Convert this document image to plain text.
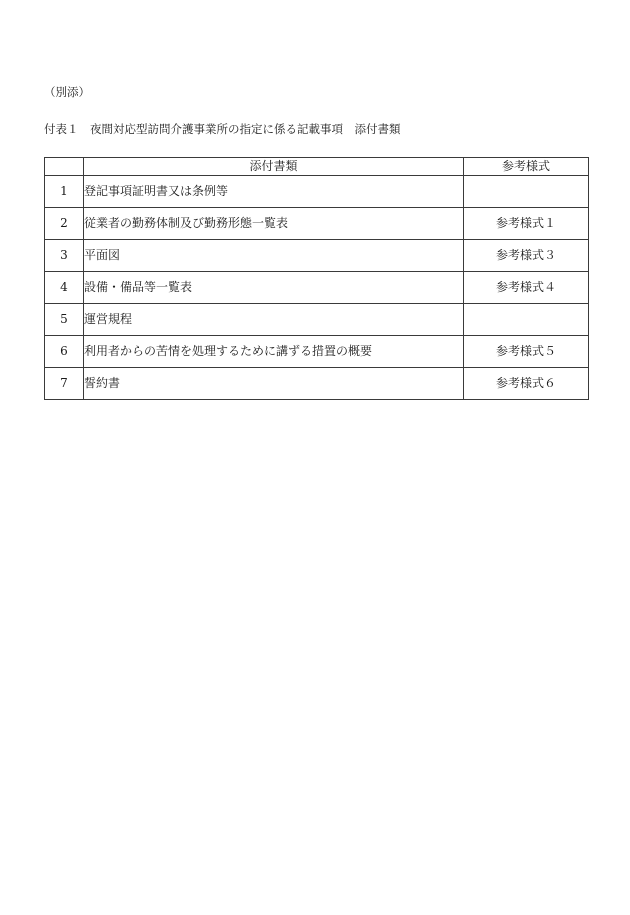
（別添）
付表１　夜間対応型訪問介護事業所の指定に係る記載事項　添付書類
	添付書類	参考様式
1	登記事項証明書又は条例等	
2	従業者の勤務体制及び勤務形態一覧表	参考様式１
3	平面図	参考様式３
4	設備・備品等一覧表	参考様式４
5	運営規程	
6	利用者からの苦情を処理するために講ずる措置の概要	参考様式５
7	誓約書	参考様式６
